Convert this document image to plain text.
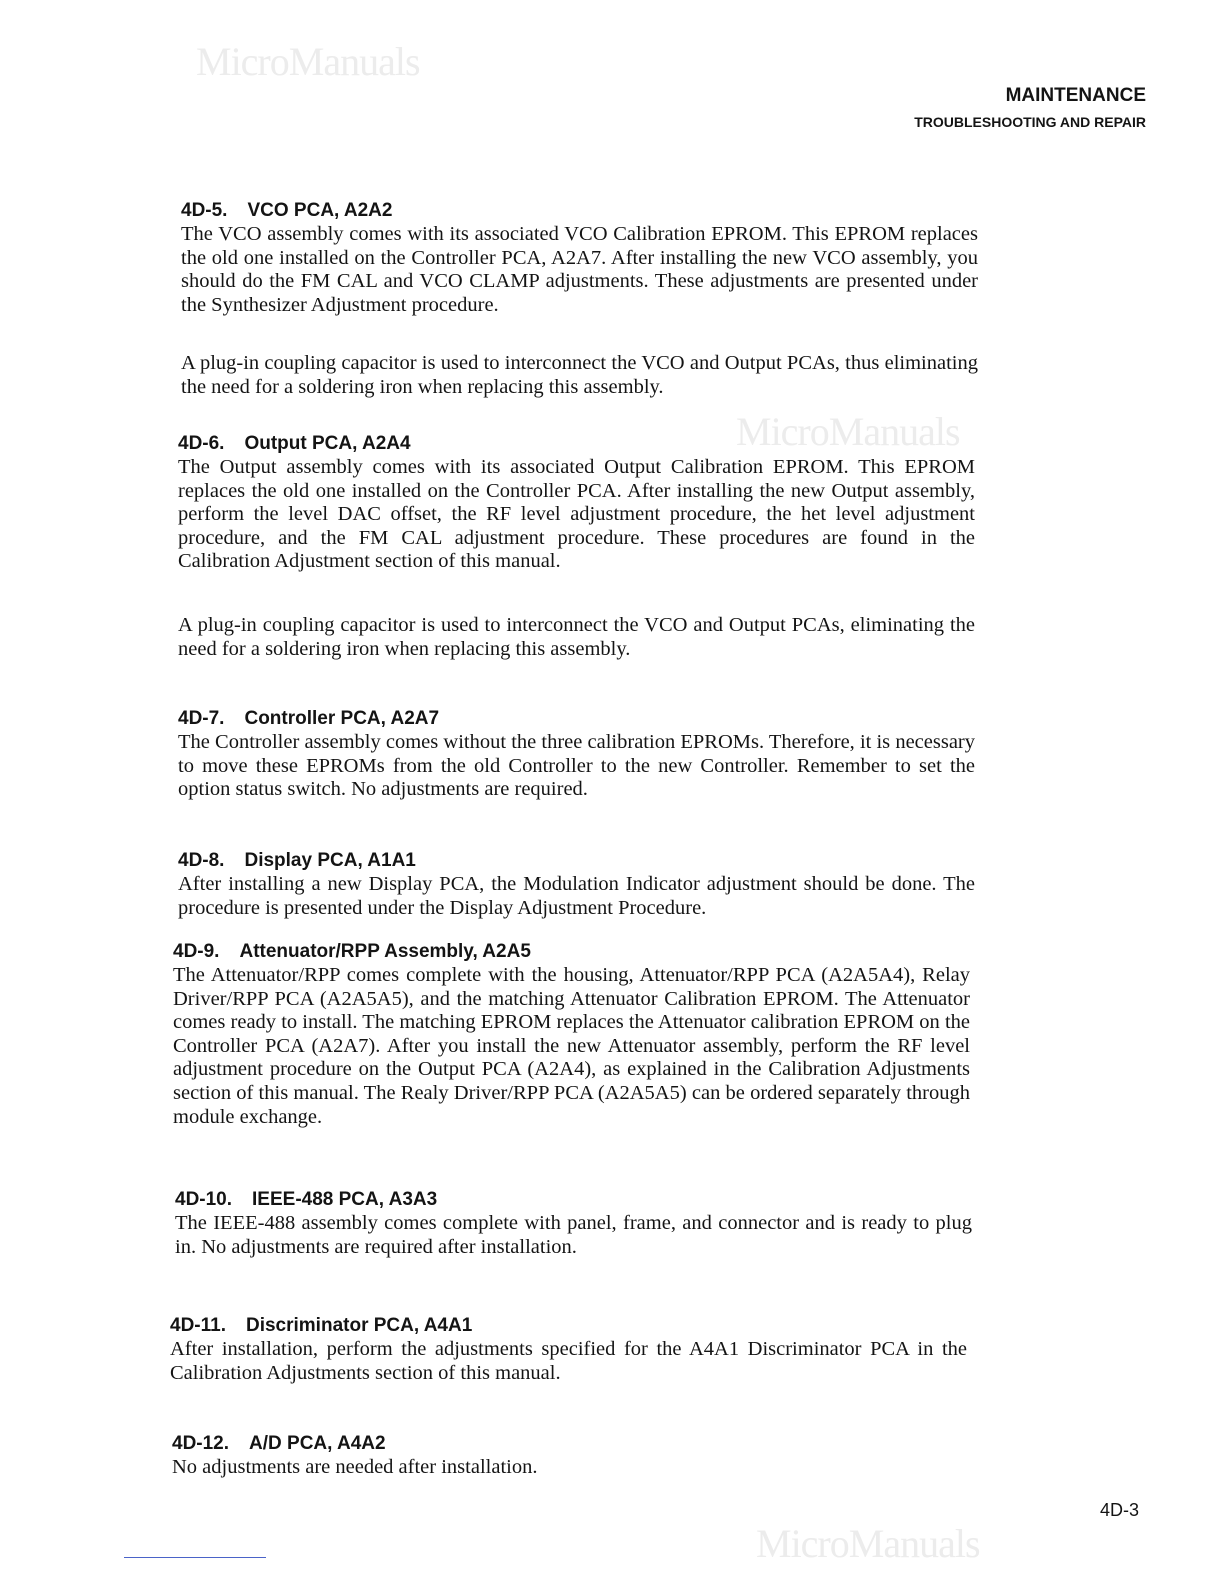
MicroManuals
MicroManuals
MicroManuals
MAINTENANCE
TROUBLESHOOTING AND REPAIR
4D-5. VCO PCA, A2A2

The VCO assembly comes with its associated VCO Calibration EPROM. This EPROM replaces the old one installed on the Controller PCA, A2A7. After installing the new VCO assembly, you should do the FM CAL and VCO CLAMP adjustments. These adjustments are presented under the Synthesizer Adjustment procedure.

A plug-in coupling capacitor is used to interconnect the VCO and Output PCAs, thus eliminating the need for a soldering iron when replacing this assembly.

4D-6. Output PCA, A2A4

The Output assembly comes with its associated Output Calibration EPROM. This EPROM replaces the old one installed on the Controller PCA. After installing the new Output assembly, perform the level DAC offset, the RF level adjustment procedure, the het level adjustment procedure, and the FM CAL adjustment procedure. These procedures are found in the Calibration Adjustment section of this manual.

A plug-in coupling capacitor is used to interconnect the VCO and Output PCAs, eliminating the need for a soldering iron when replacing this assembly.

4D-7. Controller PCA, A2A7

The Controller assembly comes without the three calibration EPROMs. Therefore, it is necessary to move these EPROMs from the old Controller to the new Controller. Remember to set the option status switch. No adjustments are required.

4D-8. Display PCA, A1A1

After installing a new Display PCA, the Modulation Indicator adjustment should be done. The procedure is presented under the Display Adjustment Procedure.

4D-9. Attenuator/RPP Assembly, A2A5

The Attenuator/RPP comes complete with the housing, Attenuator/RPP PCA (A2A5A4), Relay Driver/RPP PCA (A2A5A5), and the matching Attenuator Calibration EPROM. The Attenuator comes ready to install. The matching EPROM replaces the Attenuator calibration EPROM on the Controller PCA (A2A7). After you install the new Attenuator assembly, perform the RF level adjustment procedure on the Output PCA (A2A4), as explained in the Calibration Adjustments section of this manual. The Realy Driver/RPP PCA (A2A5A5) can be ordered separately through module exchange.

4D-10. IEEE-488 PCA, A3A3

The IEEE-488 assembly comes complete with panel, frame, and connector and is ready to plug in. No adjustments are required after installation.

4D-11. Discriminator PCA, A4A1

After installation, perform the adjustments specified for the A4A1 Discriminator PCA in the Calibration Adjustments section of this manual.

4D-12. A/D PCA, A4A2

No adjustments are needed after installation.

4D-3
